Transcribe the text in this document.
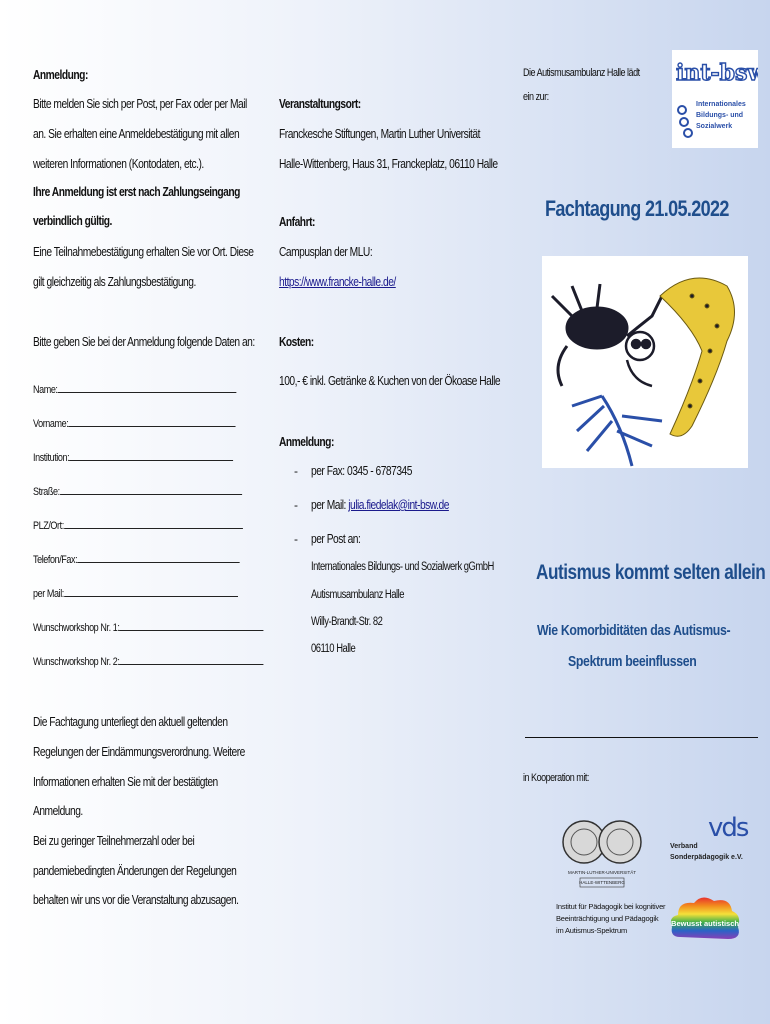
Anmeldung:
Bitte melden Sie sich per Post, per Fax oder per Mail
an. Sie erhalten eine Anmeldebestätigung mit allen
weiteren Informationen (Kontodaten, etc.).
Ihre Anmeldung ist erst nach Zahlungseingang
verbindlich gültig.
Eine Teilnahmebestätigung erhalten Sie vor Ort. Diese
gilt gleichzeitig als Zahlungsbestätigung.
Bitte geben Sie bei der Anmeldung folgende Daten an:
Name:
Vorname:
Institution:
Straße:
PLZ/Ort:
Telefon/Fax:
per Mail:
Wunschworkshop Nr. 1:
Wunschworkshop Nr. 2:
Die Fachtagung unterliegt den aktuell geltenden
Regelungen der Eindämmungsverordnung. Weitere
Informationen erhalten Sie mit der bestätigten
Anmeldung.
Bei zu geringer Teilnehmerzahl oder bei
pandemiebedingten Änderungen der Regelungen
behalten wir uns vor die Veranstaltung abzusagen.
Veranstaltungsort:
Franckesche Stiftungen, Martin Luther Universität
Halle-Wittenberg, Haus 31, Franckeplatz, 06110 Halle
Anfahrt:
Campusplan der MLU:
https://www.francke-halle.de/
Kosten:
100,- € inkl. Getränke & Kuchen von der Ökoase Halle
Anmeldung:
- per Fax: 0345 - 6787345
- per Mail: julia.fiedelak@int-bsw.de
- per Post an:
Internationales Bildungs- und Sozialwerk gGmbH
Autismusambulanz Halle
Willy-Brandt-Str. 82
06110 Halle
Die Autismusambulanz Halle lädt
ein zur:
int-bsw
Internationales
Bildungs- und
Sozialwerk
Fachtagung 21.05.2022
Autismus kommt selten allein
Wie Komorbiditäten das Autismus-
Spektrum beeinflussen
in Kooperation mit:
MARTIN-LUTHER-UNIVERSITÄT
HALLE-WITTENBERG
vds
Verband
Sonderpädagogik e.V.
Institut für Pädagogik bei kognitiver
Beeinträchtigung und Pädagogik
im Autismus-Spektrum
Bewusst autistisch
